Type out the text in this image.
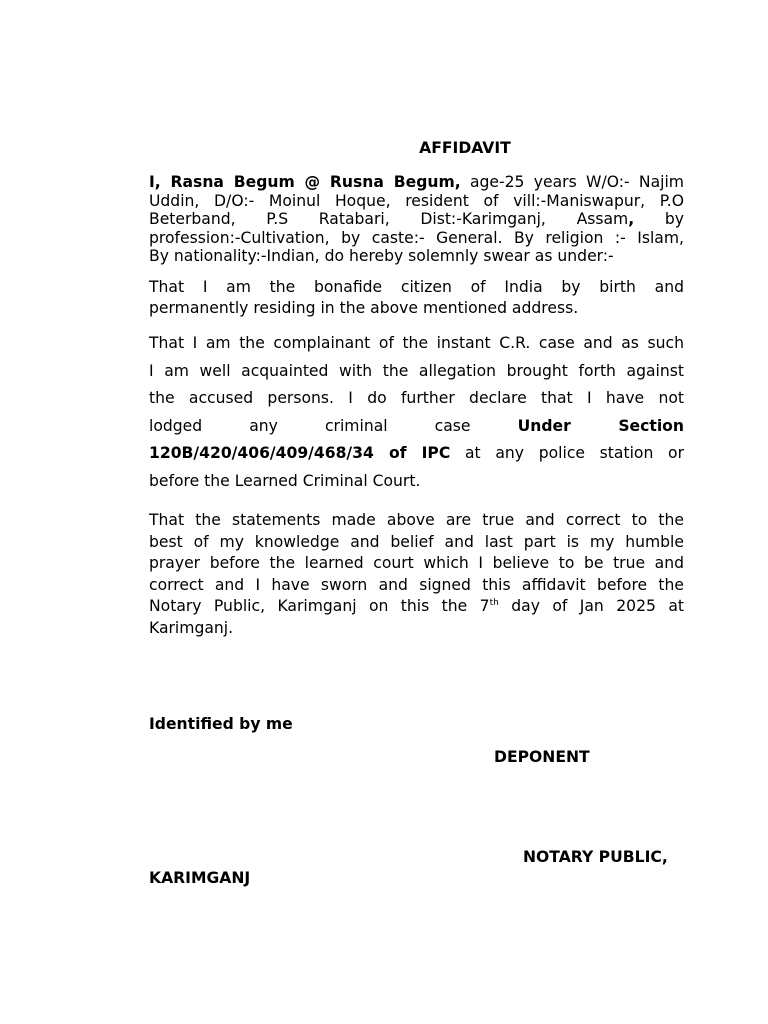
AFFIDAVIT
I, Rasna Begum @ Rusna Begum, age-25 years W/O:- Najim
Uddin, D/O:- Moinul Hoque, resident of vill:-Maniswapur, P.O
Beterband, P.S Ratabari, Dist:-Karimganj, Assam, by
profession:-Cultivation, by caste:- General. By religion :- Islam,
By nationality:-Indian, do hereby solemnly swear as under:-
That I am the bonafide citizen of India by birth and
permanently residing in the above mentioned address.
That I am the complainant of the instant C.R. case and as such
I am well acquainted with the allegation brought forth against
the accused persons. I do further declare that I have not
lodged any criminal case Under Section
120B/420/406/409/468/34 of IPC at any police station or
before the Learned Criminal Court.
That the statements made above are true and correct to the
best of my knowledge and belief and last part is my humble
prayer before the learned court which I believe to be true and
correct and I have sworn and signed this affidavit before the
Notary Public, Karimganj on this the 7th day of Jan 2025 at
Karimganj.
Identified by me
DEPONENT
NOTARY PUBLIC,
KARIMGANJ
